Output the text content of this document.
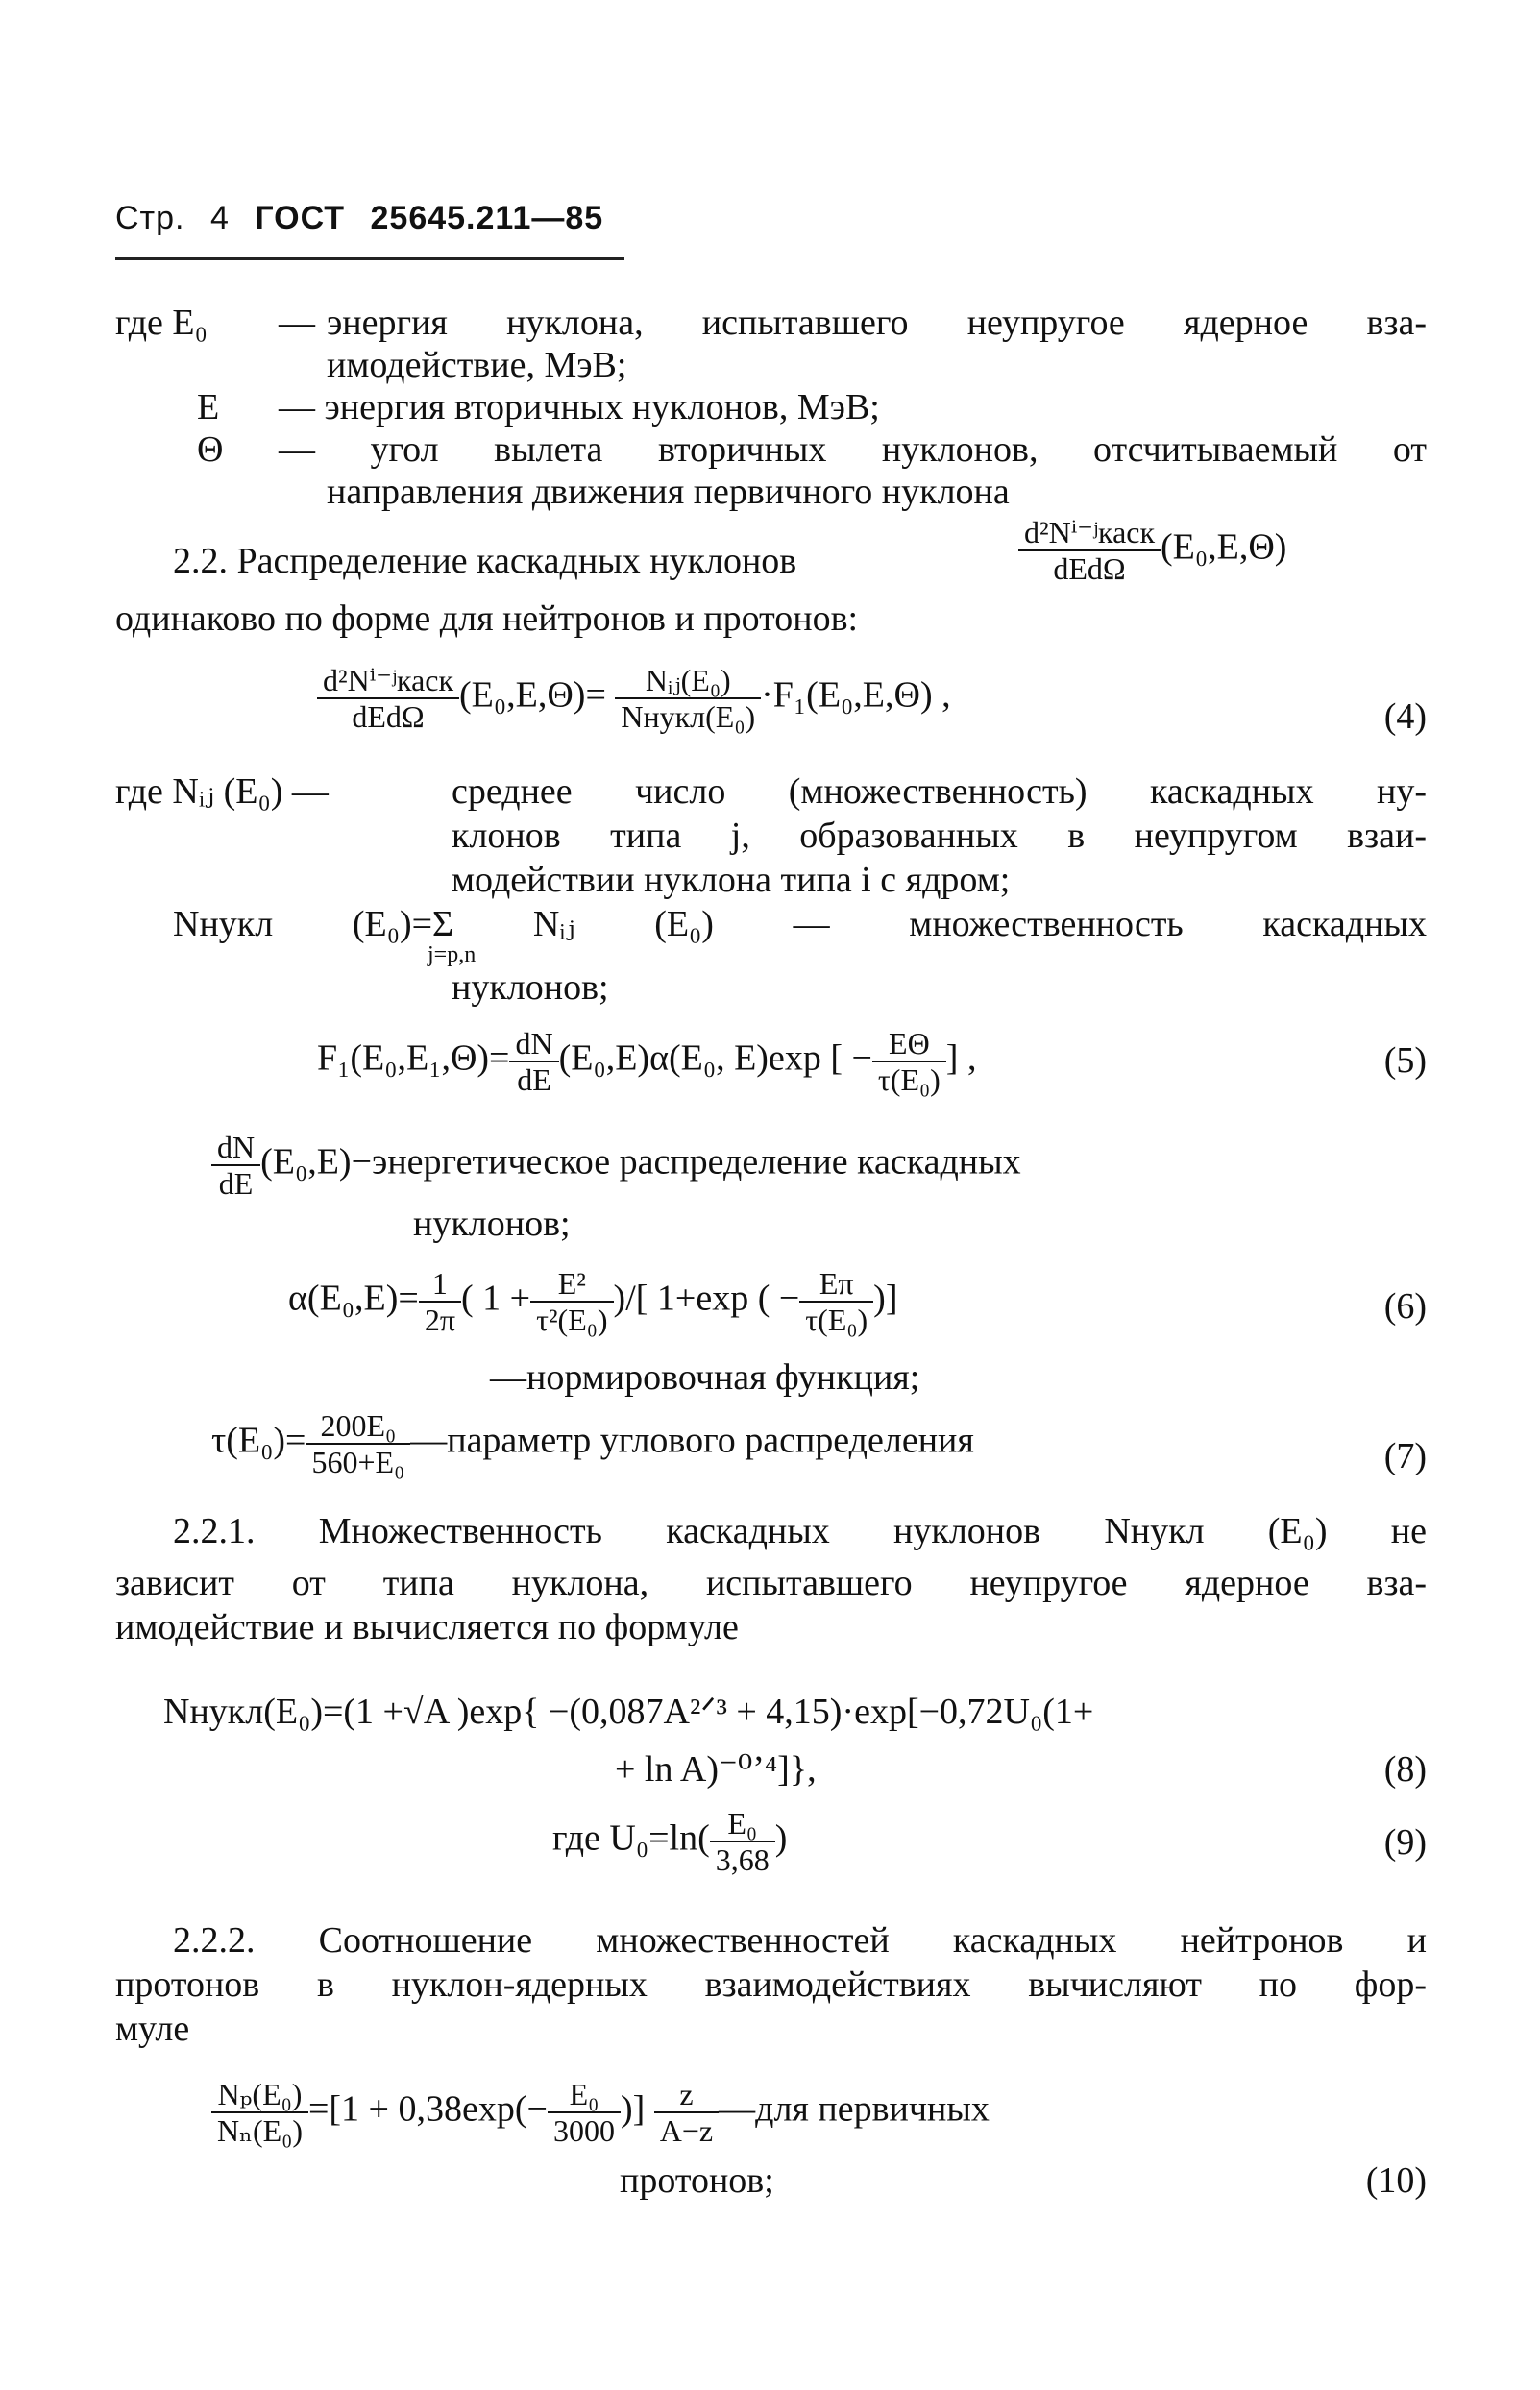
Стр. 4 ГОСТ 25645.211—85
где E₀ — энергия нуклона, испытавшего неупругое ядерное вза-
имодействие, МэВ;
E — энергия вторичных нуклонов, МэВ;
Θ — угол вылета вторичных нуклонов, отсчитываемый от
направления движения первичного нуклона
2.2. Распределение каскадных нуклонов	$\frac{\text{d²Nⁱ⁻ʲкаск}}{\text{dEdΩ}} (E_0,E,\Theta)$
одинаково по форме для нейтронов и протонов:
$\frac{\text{d²Nⁱ⁻ʲкаск}}{\text{dEdΩ}} (E_0,E,\Theta)= \frac{\text{Nᵢⱼ(E₀)}}{\text{Nнукл(E₀)}} \cdot F_1(E_0,E,\Theta)$ ,
(4)
где Nᵢⱼ (E₀) —	среднее число (множественность) каскадных ну-
клонов типа j, образованных в неупругом взаи-
модействии нуклона типа i с ядром;
Nнукл (E₀)=Σ Nᵢⱼ (E₀) — множественность каскадных
j=p,n
нуклонов;
$F_1(E_0,E_1,\Theta)= \frac{dN}{dE} (E_0,E)\alpha(E_0$, E)exp [ − $\frac{E\Theta}{\text{τ(E₀)}}$ ] ,	(5)
$\frac{dN}{dE}$ (E₀,E)−энергетическое распределение каскадных
нуклонов;
$\alpha(E_0,E)= \frac{1}{2\pi}$ ( $1 + \frac{\text{E²}}{\text{τ²(E₀)}}$ )/[ 1+exp ( − $\frac{E\pi}{\text{τ(E₀)}}$ )]	(6)
—нормировочная функция;
$\tau(E_0)= \frac{\text{200E₀}}{\text{560+E₀}}$ —параметр углового распределения	(7)
2.2.1. Множественность каскадных нуклонов Nнукл (E₀) не
зависит от типа нуклона, испытавшего неупругое ядерное вза-
имодействие и вычисляется по формуле
Nнукл(E₀)=(1 +√A )exp{ −(0,087A²ᐟ³ + 4,15)·exp[−0,72U₀(1+
+ ln A)⁻⁰ʼ⁴]},	(8)
где $U_0=\ln( \frac{\text{E₀}}{3,68}$ )	(9)
2.2.2. Соотношение множественностей каскадных нейтронов и
протонов в нуклон-ядерных взаимодействиях вычисляют по фор-
муле
$\frac{\text{Nₚ(E₀)}}{\text{Nₙ(E₀)}} =[1 + 0,38\exp(- \frac{\text{E₀}}{3000}$ )] $\frac{z}{A-z}$ —для первичных
протонов;	(10)
